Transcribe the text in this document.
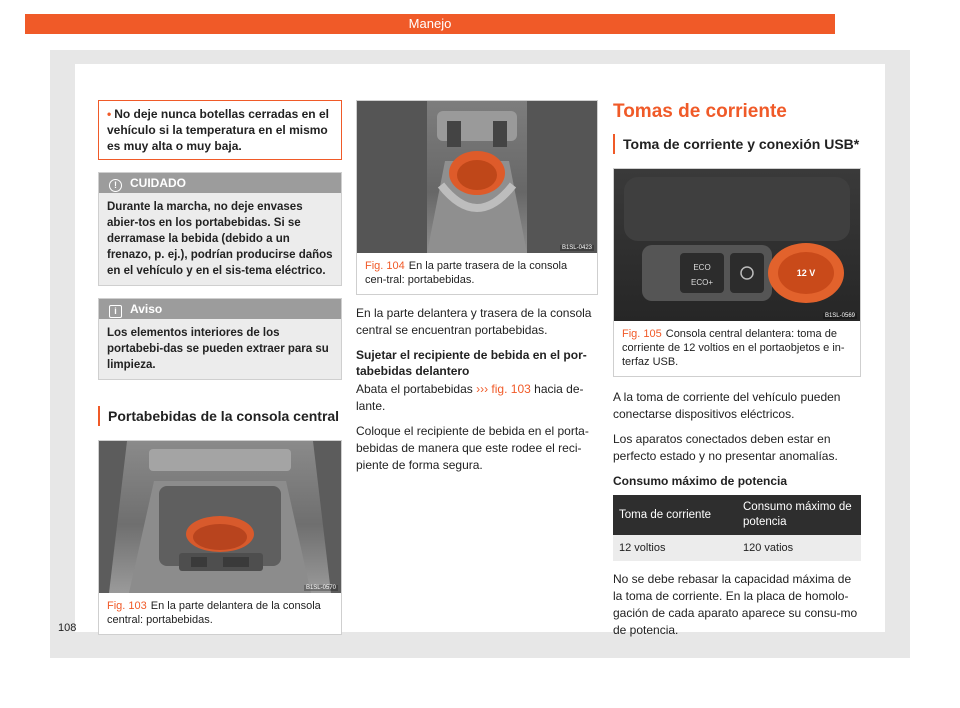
Manejo
• No deje nunca botellas cerradas en el vehículo si la temperatura en el mismo es muy alta o muy baja.
! CUIDADO
Durante la marcha, no deje envases abier-tos en los portabebidas. Si se derramase la bebida (debido a un frenazo, p. ej.), podrían producirse daños en el vehículo y en el sis-tema eléctrico.
i Aviso
Los elementos interiores de los portabebi-das se pueden extraer para su limpieza.
Portabebidas de la consola central
B1SL-0570
Fig. 103 En la parte delantera de la consola central: portabebidas.
B1SL-0423
Fig. 104 En la parte trasera de la consola cen-tral: portabebidas.

En la parte delantera y trasera de la consola central se encuentran portabebidas.

Sujetar el recipiente de bebida en el por-tabebidas delantero

Abata el portabebidas ››› fig. 103 hacia de-lante.

Coloque el recipiente de bebida en el porta-bebidas de manera que este rodee el reci-piente de forma segura.

Tomas de corriente
Toma de corriente y conexión USB*
ECO
ECO+
12 V
B1SL-0569
Fig. 105 Consola central delantera: toma de corriente de 12 voltios en el portaobjetos e in-terfaz USB.

A la toma de corriente del vehículo pueden conectarse dispositivos eléctricos.

Los aparatos conectados deben estar en perfecto estado y no presentar anomalías.

Consumo máximo de potencia
Toma de corriente	Consumo máximo de potencia
12 voltios	120 vatios

No se debe rebasar la capacidad máxima de la toma de corriente. En la placa de homolo-gación de cada aparato aparece su consu-mo de potencia.

108
